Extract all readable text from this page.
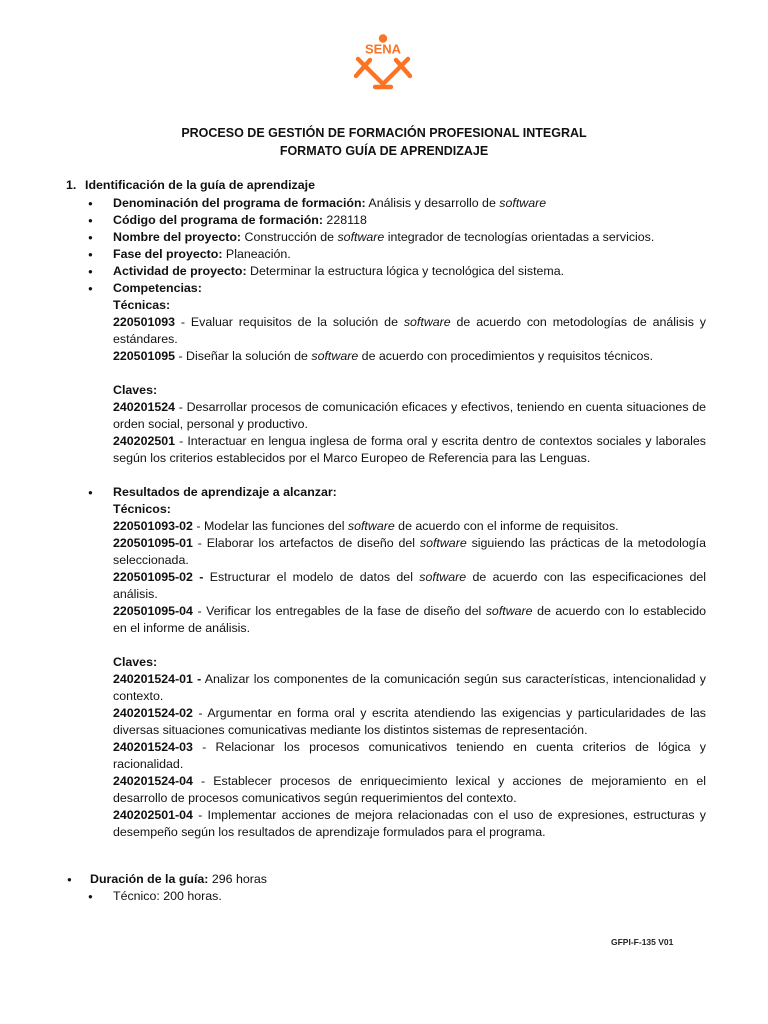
SENA
PROCESO DE GESTIÓN DE FORMACIÓN PROFESIONAL INTEGRAL
FORMATO GUÍA DE APRENDIZAJE
1. Identificación de la guía de aprendizaje
● Denominación del programa de formación: Análisis y desarrollo de software
● Código del programa de formación: 228118
● Nombre del proyecto: Construcción de software integrador de tecnologías orientadas a servicios.
● Fase del proyecto: Planeación.
● Actividad de proyecto: Determinar la estructura lógica y tecnológica del sistema.
● Competencias:
Técnicas:
220501093 - Evaluar requisitos de la solución de software de acuerdo con metodologías de análisis y estándares.
220501095 - Diseñar la solución de software de acuerdo con procedimientos y requisitos técnicos.
Claves:
240201524 - Desarrollar procesos de comunicación eficaces y efectivos, teniendo en cuenta situaciones de orden social, personal y productivo.
240202501 - Interactuar en lengua inglesa de forma oral y escrita dentro de contextos sociales y laborales según los criterios establecidos por el Marco Europeo de Referencia para las Lenguas.
● Resultados de aprendizaje a alcanzar:
Técnicos:
220501093-02 - Modelar las funciones del software de acuerdo con el informe de requisitos.
220501095-01 - Elaborar los artefactos de diseño del software siguiendo las prácticas de la metodología seleccionada.
220501095-02 - Estructurar el modelo de datos del software de acuerdo con las especificaciones del análisis.
220501095-04 - Verificar los entregables de la fase de diseño del software de acuerdo con lo establecido en el informe de análisis.
Claves:
240201524-01 - Analizar los componentes de la comunicación según sus características, intencionalidad y contexto.
240201524-02 - Argumentar en forma oral y escrita atendiendo las exigencias y particularidades de las diversas situaciones comunicativas mediante los distintos sistemas de representación.
240201524-03 - Relacionar los procesos comunicativos teniendo en cuenta criterios de lógica y racionalidad.
240201524-04 - Establecer procesos de enriquecimiento lexical y acciones de mejoramiento en el desarrollo de procesos comunicativos según requerimientos del contexto.
240202501-04 - Implementar acciones de mejora relacionadas con el uso de expresiones, estructuras y desempeño según los resultados de aprendizaje formulados para el programa.
● Duración de la guía: 296 horas
● Técnico: 200 horas.
GFPI-F-135 V01
